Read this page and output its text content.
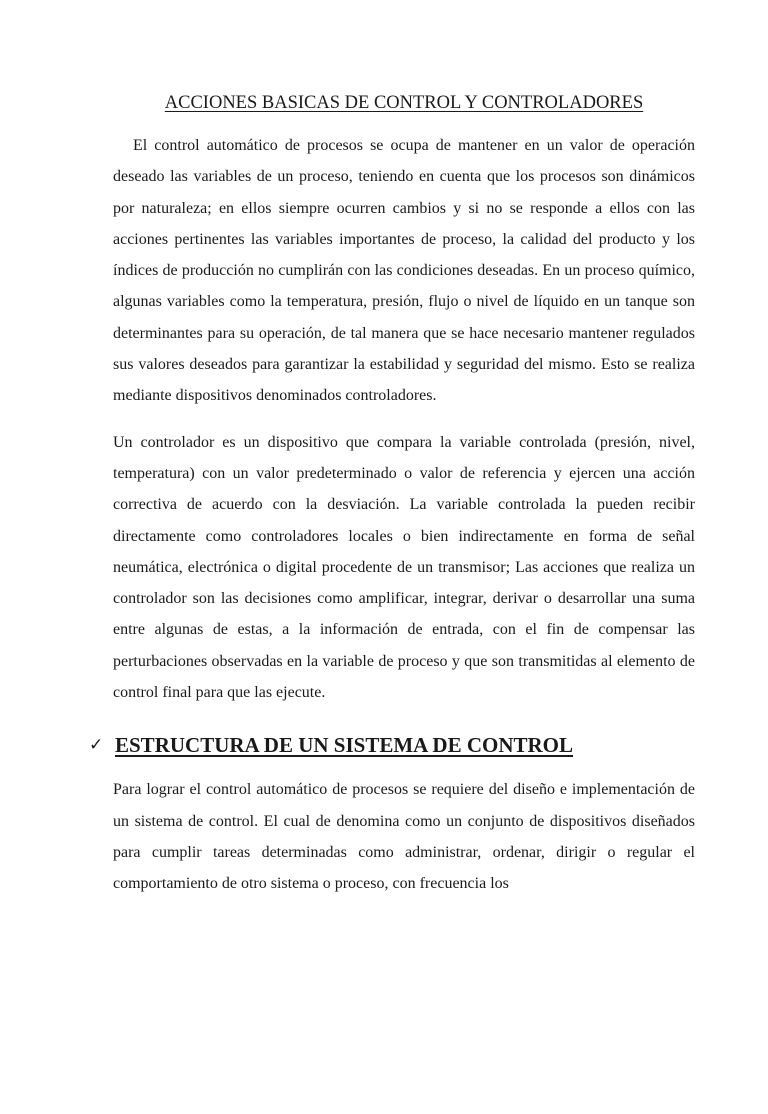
ACCIONES BASICAS DE CONTROL Y CONTROLADORES

El control automático de procesos se ocupa de mantener en un valor de operación deseado las variables de un proceso, teniendo en cuenta que los procesos son dinámicos por naturaleza; en ellos siempre ocurren cambios y si no se responde a ellos con las acciones pertinentes las variables importantes de proceso, la calidad del producto y los índices de producción no cumplirán con las condiciones deseadas. En un proceso químico, algunas variables como la temperatura, presión, flujo o nivel de líquido en un tanque son determinantes para su operación, de tal manera que se hace necesario mantener regulados sus valores deseados para garantizar la estabilidad y seguridad del mismo. Esto se realiza mediante dispositivos denominados controladores.

Un controlador es un dispositivo que compara la variable controlada (presión, nivel, temperatura) con un valor predeterminado o valor de referencia y ejercen una acción correctiva de acuerdo con la desviación. La variable controlada la pueden recibir directamente como controladores locales o bien indirectamente en forma de señal neumática, electrónica o digital procedente de un transmisor; Las acciones que realiza un controlador son las decisiones como amplificar, integrar, derivar o desarrollar una suma entre algunas de estas, a la información de entrada, con el fin de compensar las perturbaciones observadas en la variable de proceso y que son transmitidas al elemento de control final para que las ejecute.

✓ ESTRUCTURA DE UN SISTEMA DE CONTROL

Para lograr el control automático de procesos se requiere del diseño e implementación de un sistema de control. El cual de denomina como un conjunto de dispositivos diseñados para cumplir tareas determinadas como administrar, ordenar, dirigir o regular el comportamiento de otro sistema o proceso, con frecuencia los
